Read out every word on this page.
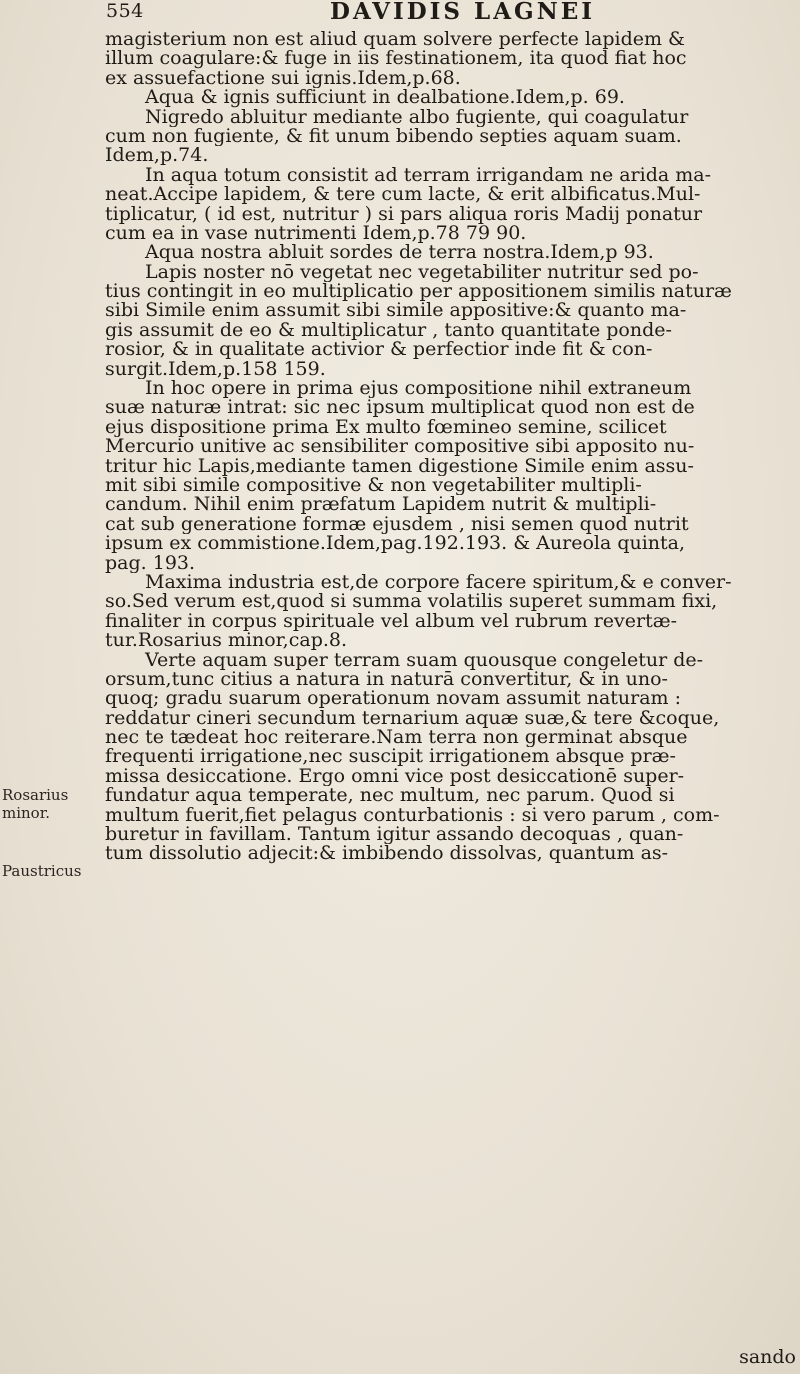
554	DAVIDIS LAGNEI
magisterium non est aliud quam solvere perfecte lapidem &
illum coagulare:& fuge in iis festinationem, ita quod fiat hoc
ex assuefactione sui ignis.Idem,p.68.
Aqua & ignis sufficiunt in dealbatione.Idem,p. 69.
Nigredo abluitur mediante albo fugiente, qui coagulatur
cum non fugiente, & fit unum bibendo septies aquam suam.
Idem,p.74.
In aqua totum consistit ad terram irrigandam ne arida ma-
neat.Accipe lapidem, & tere cum lacte, & erit albificatus.Mul-
tiplicatur, ( id est, nutritur ) si pars aliqua roris Madij ponatur
cum ea in vase nutrimenti Idem,p.78 79 90.
Aqua nostra abluit sordes de terra nostra.Idem,p 93.
Lapis noster nō vegetat nec vegetabiliter nutritur sed po-
tius contingit in eo multiplicatio per appositionem similis naturæ
sibi Simile enim assumit sibi simile appositive:& quanto ma-
gis assumit de eo & multiplicatur , tanto quantitate ponde-
rosior, & in qualitate activior & perfectior inde fit & con-
surgit.Idem,p.158 159.
In hoc opere in prima ejus compositione nihil extraneum
suæ naturæ intrat: sic nec ipsum multiplicat quod non est de
ejus dispositione prima Ex multo fœmineo semine, scilicet
Mercurio unitive ac sensibiliter compositive sibi apposito nu-
tritur hic Lapis,mediante tamen digestione Simile enim assu-
mit sibi simile compositive & non vegetabiliter multipli-
candum. Nihil enim præfatum Lapidem nutrit & multipli-
cat sub generatione formæ ejusdem , nisi semen quod nutrit
ipsum ex commistione.Idem,pag.192.193. & Aureola quinta,
pag. 193.
Maxima industria est,de corpore facere spiritum,& e conver-
so.Sed verum est,quod si summa volatilis superet summam fixi,
finaliter in corpus spirituale vel album vel rubrum revertæ-
tur.Rosarius minor,cap.8.
Verte aquam super terram suam quousque congeletur de-
orsum,tunc citius a natura in naturā convertitur, & in uno-
quoq; gradu suarum operationum novam assumit naturam :
reddatur cineri secundum ternarium aquæ suæ,& tere &coque,
nec te tædeat hoc reiterare.Nam terra non germinat absque
frequenti irrigatione,nec suscipit irrigationem absque præ-
missa desiccatione. Ergo omni vice post desiccationē super-
fundatur aqua temperate, nec multum, nec parum. Quod si
multum fuerit,fiet pelagus conturbationis : si vero parum , com-
buretur in favillam. Tantum igitur assando decoquas , quan-
tum dissolutio adjecit:& imbibendo dissolvas, quantum as-
Rosarius
minor.
Paustricus
sando
